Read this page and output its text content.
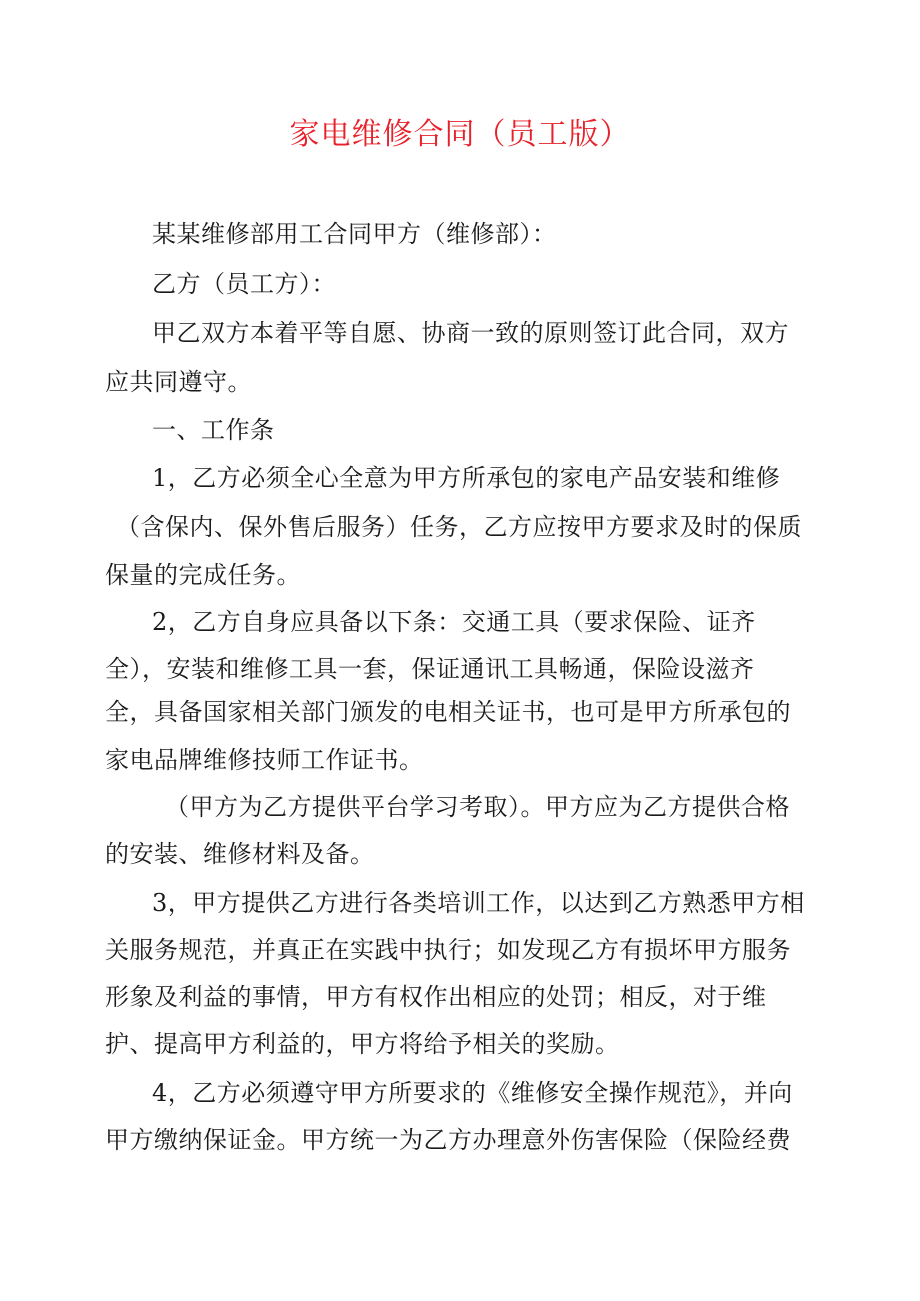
家电维修合同（员工版）
某某维修部用工合同甲方（维修部）：
乙方（员工方）：
甲乙双方本着平等自愿、协商一致的原则签订此合同，双方
应共同遵守。
一、工作条
1，乙方必须全心全意为甲方所承包的家电产品安装和维修
（含保内、保外售后服务）任务，乙方应按甲方要求及时的保质
保量的完成任务。
2，乙方自身应具备以下条：交通工具（要求保险、证齐
全），安装和维修工具一套，保证通讯工具畅通，保险设滋齐
全，具备国家相关部门颁发的电相关证书，也可是甲方所承包的
家电品牌维修技师工作证书。
（甲方为乙方提供平台学习考取）。甲方应为乙方提供合格
的安装、维修材料及备。
3，甲方提供乙方进行各类培训工作，以达到乙方熟悉甲方相
关服务规范，并真正在实践中执行；如发现乙方有损坏甲方服务
形象及利益的事情，甲方有权作出相应的处罚；相反，对于维
护、提高甲方利益的，甲方将给予相关的奖励。
4，乙方必须遵守甲方所要求的《维修安全操作规范》，并向
甲方缴纳保证金。甲方统一为乙方办理意外伤害保险（保险经费
